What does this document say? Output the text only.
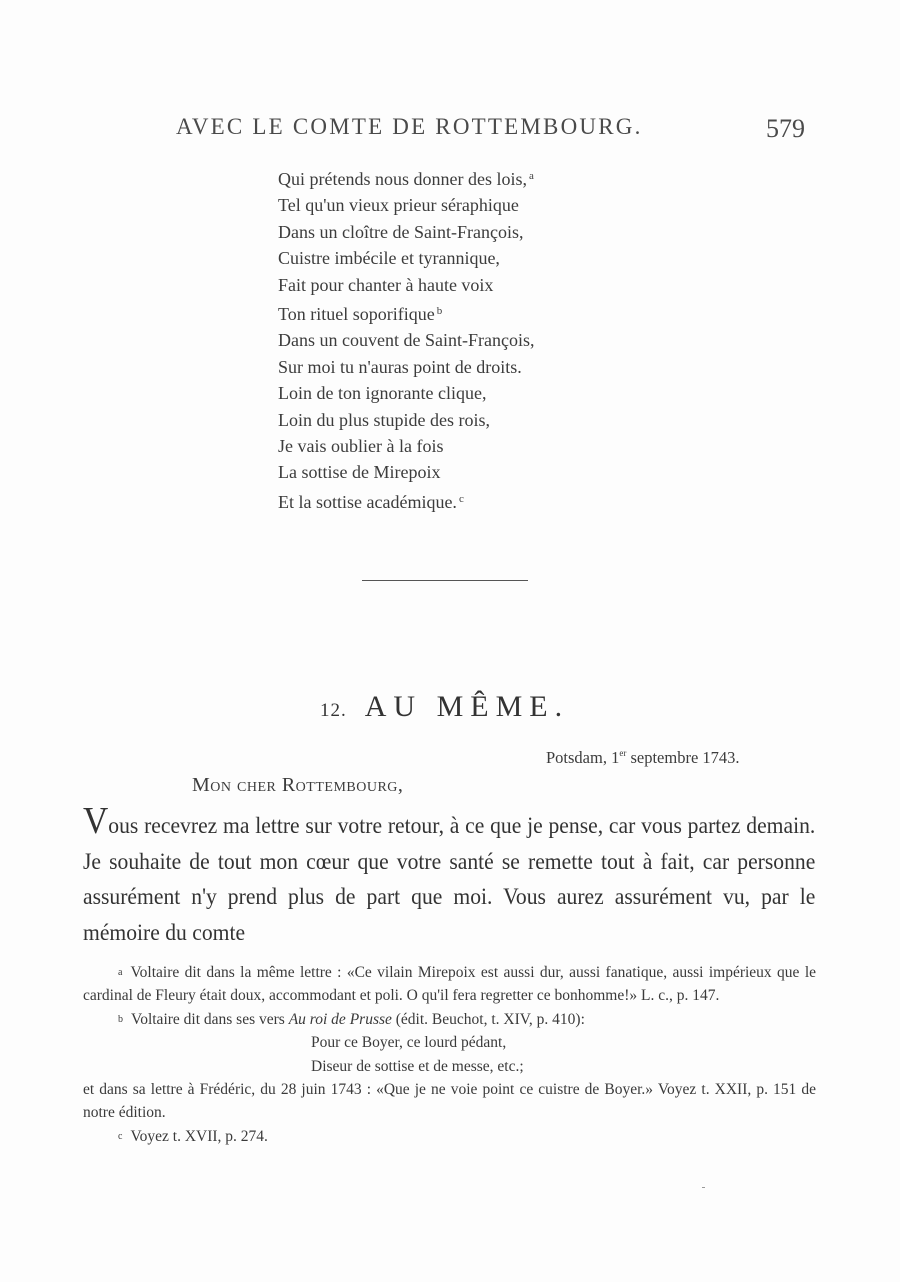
AVEC LE COMTE DE ROTTEMBOURG.	579
Qui prétends nous donner des lois, $^a$
Tel qu'un vieux prieur séraphique
Dans un cloître de Saint-François,
Cuistre imbécile et tyrannique,
Fait pour chanter à haute voix
Ton rituel soporifique $^b$
Dans un couvent de Saint-François,
Sur moi tu n'auras point de droits.
Loin de ton ignorante clique,
Loin du plus stupide des rois,
Je vais oublier à la fois
La sottise de Mirepoix
Et la sottise académique. $^c$
12. AU MÊME.
Potsdam, 1er septembre 1743.
Mon cher Rottembourg,
Vous recevrez ma lettre sur votre retour, à ce que je pense, car vous partez demain. Je souhaite de tout mon cœur que votre santé se remette tout à fait, car personne assurément n'y prend plus de part que moi. Vous aurez assurément vu, par le mémoire du comte
a Voltaire dit dans la même lettre : «Ce vilain Mirepoix est aussi dur, aussi fanatique, aussi impérieux que le cardinal de Fleury était doux, accommodant et poli. O qu'il fera regretter ce bonhomme!» L. c., p. 147.
b Voltaire dit dans ses vers Au roi de Prusse (édit. Beuchot, t. XIV, p. 410):
Pour ce Boyer, ce lourd pédant,
Diseur de sottise et de messe, etc.;
et dans sa lettre à Frédéric, du 28 juin 1743 : «Que je ne voie point ce cuistre de Boyer.» Voyez t. XXII, p. 151 de notre édition.
c Voyez t. XVII, p. 274.
